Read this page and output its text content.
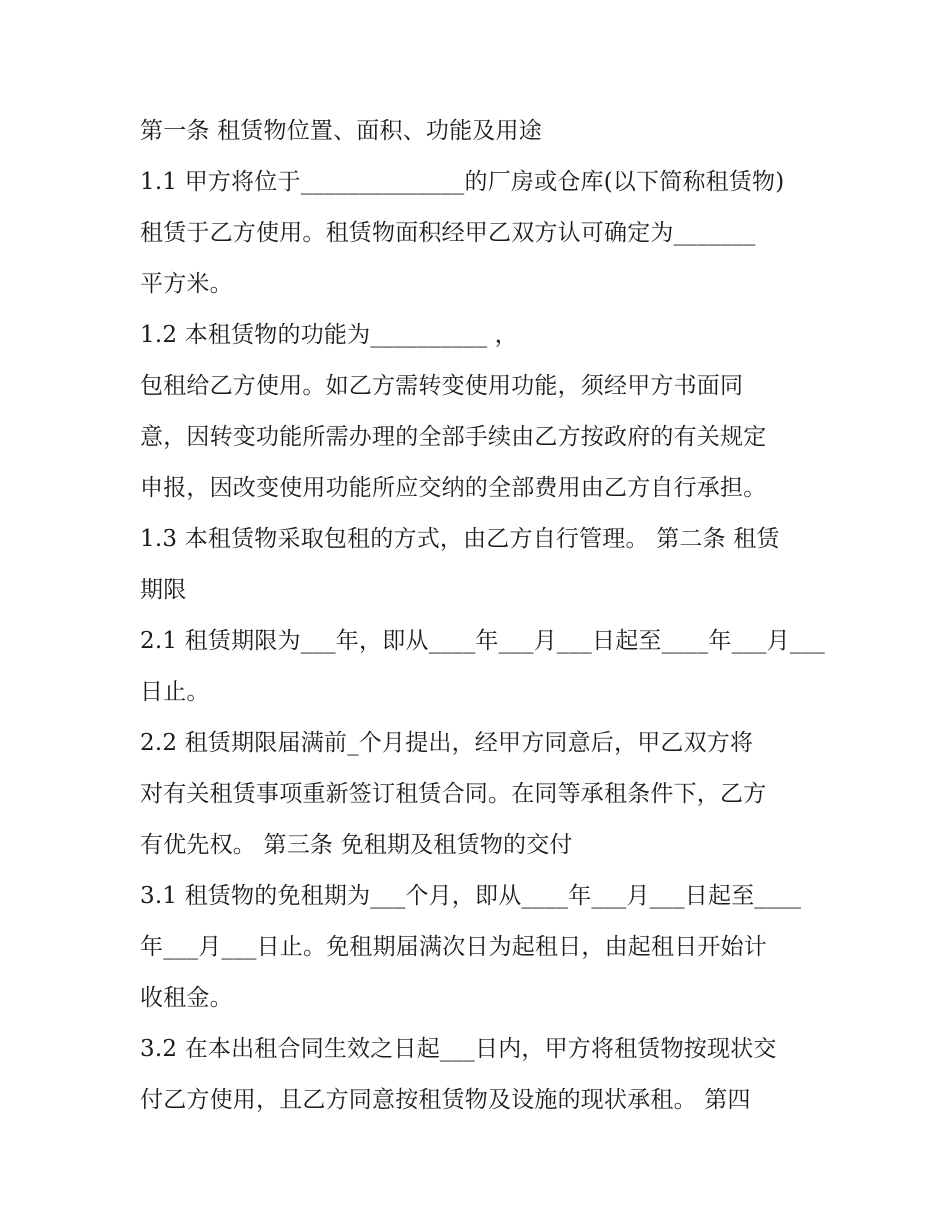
第一条 租赁物位置、面积、功能及用途
1.1 甲方将位于______________的厂房或仓库(以下简称租赁物)
租赁于乙方使用。租赁物面积经甲乙双方认可确定为_______
平方米。
1.2 本租赁物的功能为__________ ，
包租给乙方使用。如乙方需转变使用功能，须经甲方书面同
意，因转变功能所需办理的全部手续由乙方按政府的有关规定
申报，因改变使用功能所应交纳的全部费用由乙方自行承担。
1.3 本租赁物采取包租的方式，由乙方自行管理。 第二条 租赁
期限
2.1 租赁期限为___年，即从____年___月___日起至____年___月___
日止。
2.2 租赁期限届满前_个月提出，经甲方同意后，甲乙双方将
对有关租赁事项重新签订租赁合同。在同等承租条件下，乙方
有优先权。 第三条 免租期及租赁物的交付
3.1 租赁物的免租期为___个月，即从____年___月___日起至____
年___月___日止。免租期届满次日为起租日，由起租日开始计
收租金。
3.2 在本出租合同生效之日起___日内，甲方将租赁物按现状交
付乙方使用，且乙方同意按租赁物及设施的现状承租。 第四
